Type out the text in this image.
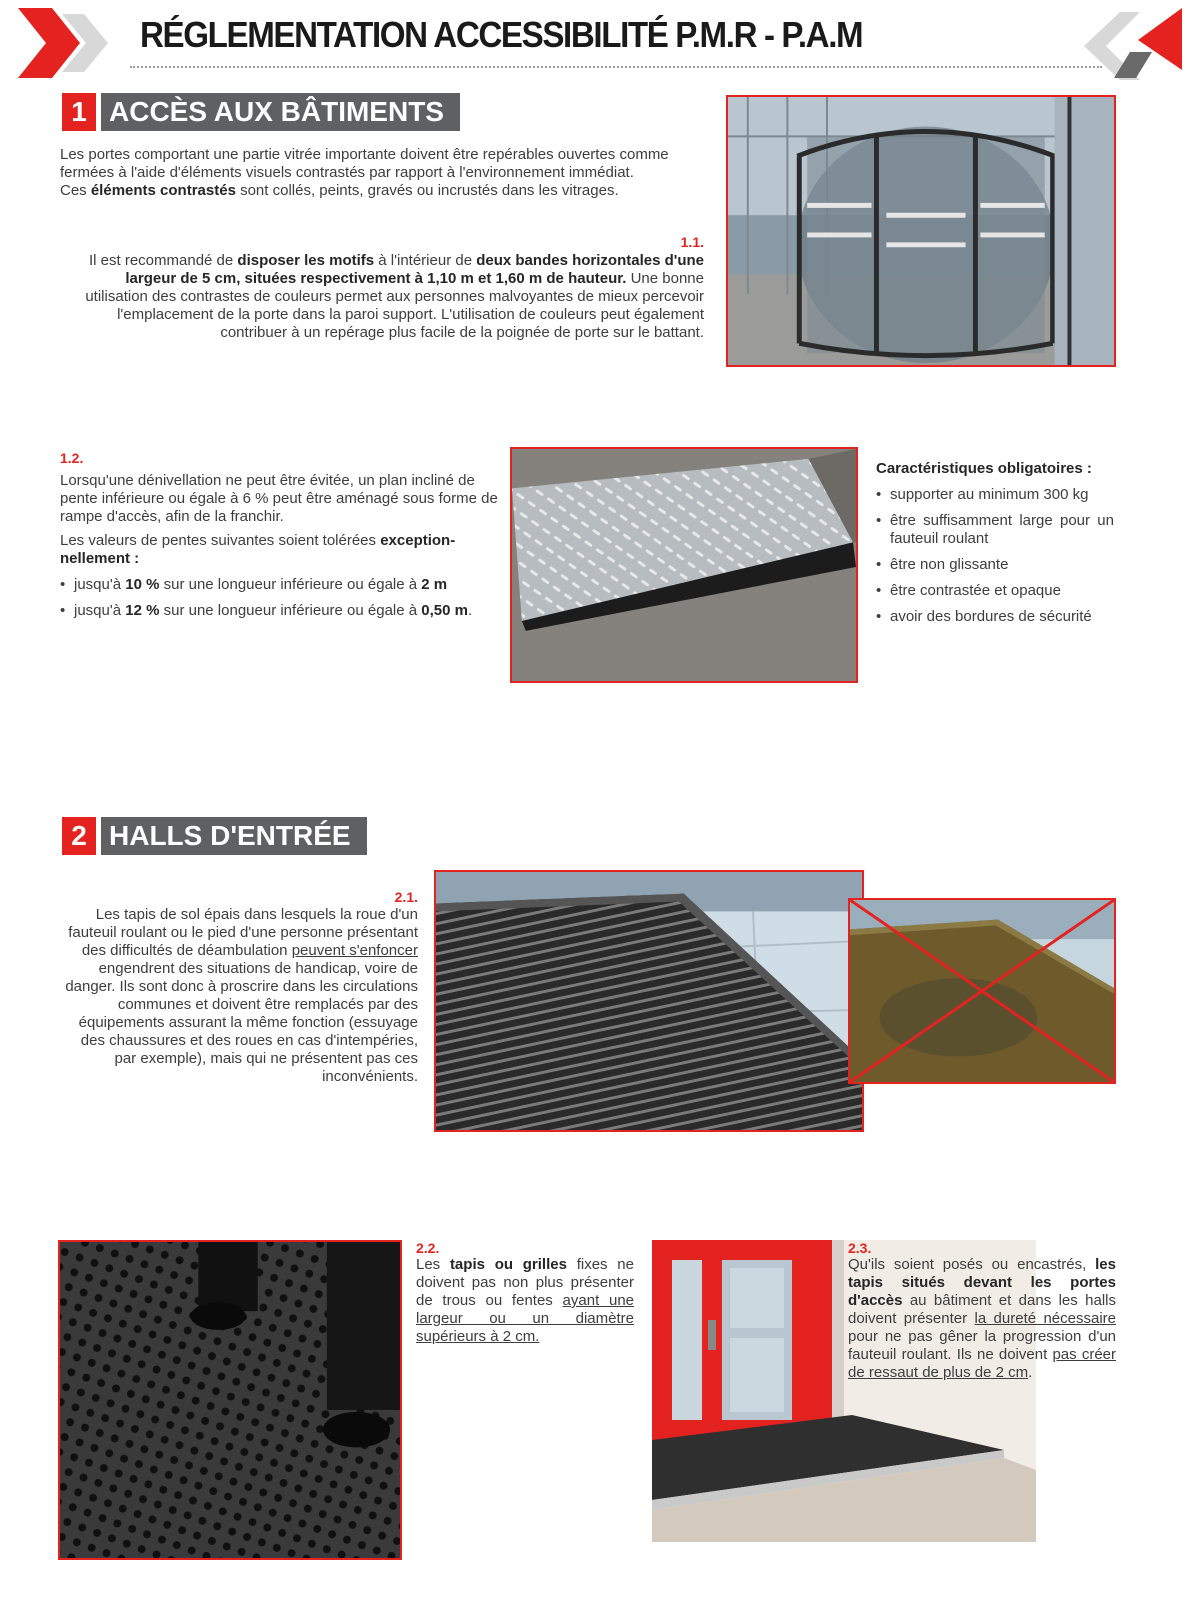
RÉGLEMENTATION ACCESSIBILITÉ P.M.R - P.A.M
1 ACCÈS AUX BÂTIMENTS

Les portes comportant une partie vitrée importante doivent être repérables ouvertes comme fermées à l'aide d'éléments visuels contrastés par rapport à l'environnement immédiat.

Ces éléments contrastés sont collés, peints, gravés ou incrustés dans les vitrages.

1.1.
Il est recommandé de disposer les motifs à l'intérieur de deux bandes horizontales d'une largeur de 5 cm, situées respectivement à 1,10 m et 1,60 m de hauteur. Une bonne utilisation des contrastes de couleurs permet aux personnes malvoyantes de mieux percevoir l'emplacement de la porte dans la paroi support. L'utilisation de couleurs peut également contribuer à un repérage plus facile de la poignée de porte sur le battant.
1.2.

Lorsqu'une dénivellation ne peut être évitée, un plan incliné de pente inférieure ou égale à 6 % peut être aménagé sous forme de rampe d'accès, afin de la franchir.

Les valeurs de pentes suivantes soient tolérées exception-nellement :

• jusqu'à 10 % sur une longueur inférieure ou égale à 2 m
• jusqu'à 12 % sur une longueur inférieure ou égale à 0,50 m.

Caractéristiques obligatoires :

• supporter au minimum 300 kg
• être suffisamment large pour un fauteuil roulant
• être non glissante
• être contrastée et opaque
• avoir des bordures de sécurité
2 HALLS D'ENTRÉE
2.1.
Les tapis de sol épais dans lesquels la roue d'un fauteuil roulant ou le pied d'une personne présentant des difficultés de déambulation peuvent s'enfoncer engendrent des situations de handicap, voire de danger. Ils sont donc à proscrire dans les circulations communes et doivent être remplacés par des équipements assurant la même fonction (essuyage des chaussures et des roues en cas d'intempéries, par exemple), mais qui ne présentent pas ces inconvénients.
2.2.
Les tapis ou grilles fixes ne doivent pas non plus présenter de trous ou fentes ayant une largeur ou un diamètre supérieurs à 2 cm.
2.3.
Qu'ils soient posés ou encastrés, les tapis situés devant les portes d'accès au bâtiment et dans les halls doivent présenter la dureté nécessaire pour ne pas gêner la progression d'un fauteuil roulant. Ils ne doivent pas créer de ressaut de plus de 2 cm.
